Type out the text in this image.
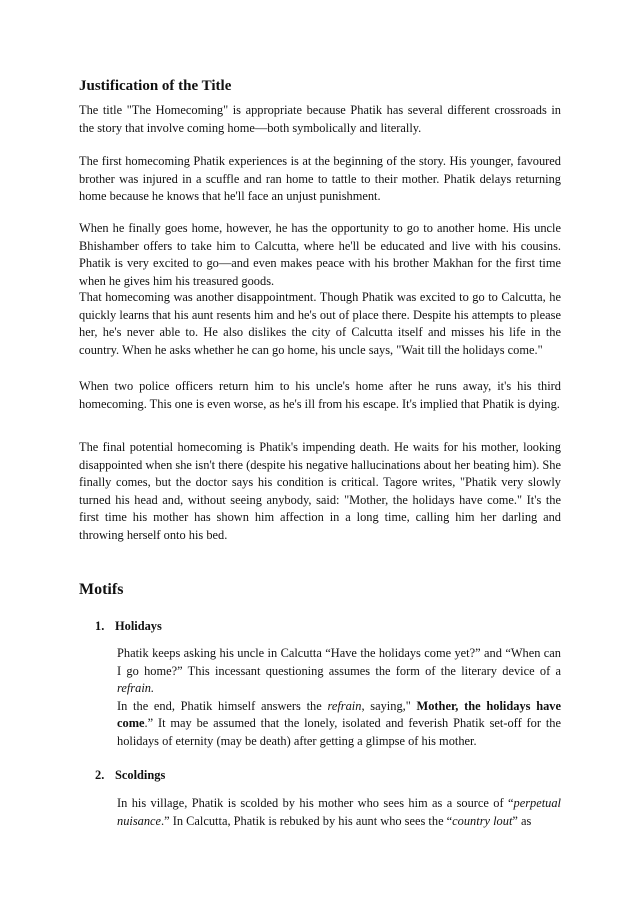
Justification of the Title

The title "The Homecoming" is appropriate because Phatik has several different crossroads in the story that involve coming home—both symbolically and literally.

The first homecoming Phatik experiences is at the beginning of the story. His younger, favoured brother was injured in a scuffle and ran home to tattle to their mother. Phatik delays returning home because he knows that he'll face an unjust punishment.

When he finally goes home, however, he has the opportunity to go to another home. His uncle Bhishamber offers to take him to Calcutta, where he'll be educated and live with his cousins. Phatik is very excited to go—and even makes peace with his brother Makhan for the first time when he gives him his treasured goods.

That homecoming was another disappointment. Though Phatik was excited to go to Calcutta, he quickly learns that his aunt resents him and he's out of place there. Despite his attempts to please her, he's never able to. He also dislikes the city of Calcutta itself and misses his life in the country. When he asks whether he can go home, his uncle says, "Wait till the holidays come."

When two police officers return him to his uncle's home after he runs away, it's his third homecoming. This one is even worse, as he's ill from his escape. It's implied that Phatik is dying.

The final potential homecoming is Phatik's impending death. He waits for his mother, looking disappointed when she isn't there (despite his negative hallucinations about her beating him). She finally comes, but the doctor says his condition is critical. Tagore writes, "Phatik very slowly turned his head and, without seeing anybody, said: "Mother, the holidays have come." It's the first time his mother has shown him affection in a long time, calling him her darling and throwing herself onto his bed.

Motifs
1. Holidays

Phatik keeps asking his uncle in Calcutta “Have the holidays come yet?” and “When can I go home?” This incessant questioning assumes the form of the literary device of a refrain.
In the end, Phatik himself answers the refrain, saying," Mother, the holidays have come.” It may be assumed that the lonely, isolated and feverish Phatik set-off for the holidays of eternity (may be death) after getting a glimpse of his mother.

2. Scoldings

In his village, Phatik is scolded by his mother who sees him as a source of “perpetual nuisance.” In Calcutta, Phatik is rebuked by his aunt who sees the “country lout” as
